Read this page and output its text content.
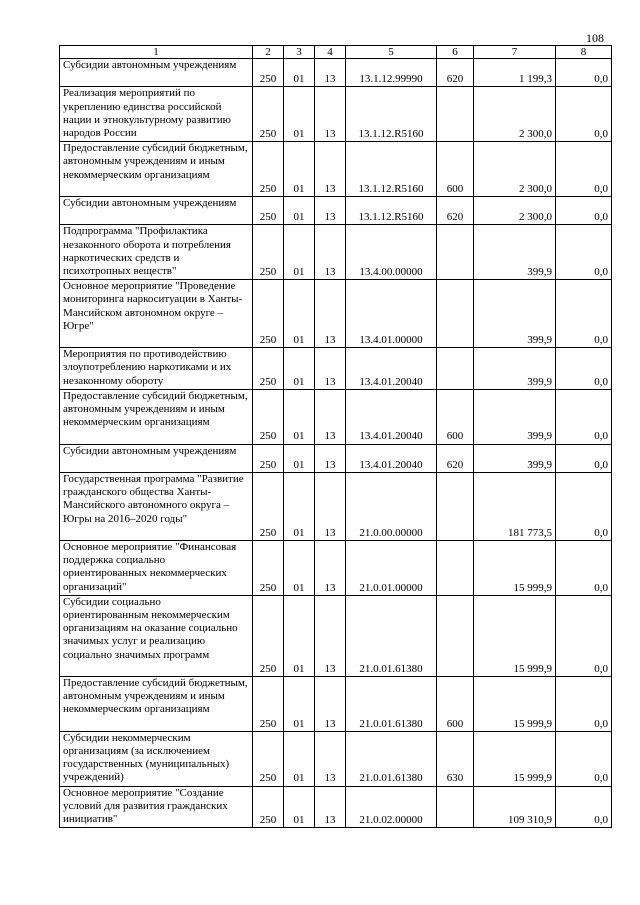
108
1	2	3	4	5	6	7	8
Субсидии автономным учреждениям	250	01	13	13.1.12.99990	620	1 199,3	0,0
Реализация мероприятий по укреплению единства российской нации и этнокультурному развитию народов России	250	01	13	13.1.12.R5160		2 300,0	0,0
Предоставление субсидий бюджетным, автономным учреждениям и иным некоммерческим организациям	250	01	13	13.1.12.R5160	600	2 300,0	0,0
Субсидии автономным учреждениям	250	01	13	13.1.12.R5160	620	2 300,0	0,0
Подпрограмма "Профилактика незаконного оборота и потребления наркотических средств и психотропных веществ"	250	01	13	13.4.00.00000		399,9	0,0
Основное мероприятие "Проведение мониторинга наркоситуации в Ханты-Мансийском автономном округе – Югре"	250	01	13	13.4.01.00000		399,9	0,0
Мероприятия по противодействию злоупотреблению наркотиками и их незаконному обороту	250	01	13	13.4.01.20040		399,9	0,0
Предоставление субсидий бюджетным, автономным учреждениям и иным некоммерческим организациям	250	01	13	13.4.01.20040	600	399,9	0,0
Субсидии автономным учреждениям	250	01	13	13.4.01.20040	620	399,9	0,0
Государственная программа "Развитие гражданского общества Ханты-Мансийского автономного округа – Югры на 2016–2020 годы"	250	01	13	21.0.00.00000		181 773,5	0,0
Основное мероприятие "Финансовая поддержка социально ориентированных некоммерческих организаций"	250	01	13	21.0.01.00000		15 999,9	0,0
Субсидии социально ориентированным некоммерческим организациям на оказание социально значимых услуг и реализацию социально значимых программ	250	01	13	21.0.01.61380		15 999,9	0,0
Предоставление субсидий бюджетным, автономным учреждениям и иным некоммерческим организациям	250	01	13	21.0.01.61380	600	15 999,9	0,0
Субсидии некоммерческим организациям (за исключением государственных (муниципальных) учреждений)	250	01	13	21.0.01.61380	630	15 999,9	0,0
Основное мероприятие "Создание условий для развития гражданских инициатив"	250	01	13	21.0.02.00000		109 310,9	0,0
